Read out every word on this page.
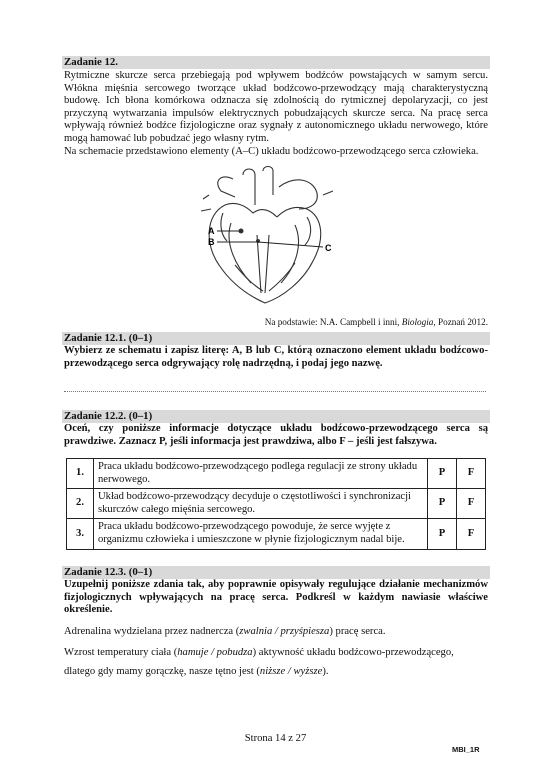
Zadanie 12.
Rytmiczne skurcze serca przebiegają pod wpływem bodźców powstających w samym sercu. Włókna mięśnia sercowego tworzące układ bodźcowo-przewodzący mają charakterystyczną budowę. Ich błona komórkowa odznacza się zdolnością do rytmicznej depolaryzacji, co jest przyczyną wytwarzania impulsów elektrycznych pobudzających skurcze serca. Na pracę serca wpływają również bodźce fizjologiczne oraz sygnały z autonomicznego układu nerwowego, które mogą hamować lub pobudzać jego własny rytm.
Na schemacie przedstawiono elementy (A–C) układu bodźcowo-przewodzącego serca człowieka.
A
B
C
Na podstawie: N.A. Campbell i inni, Biologia, Poznań 2012.
Zadanie 12.1. (0–1)
Wybierz ze schematu i zapisz literę: A, B lub C, którą oznaczono element układu bodźcowo-przewodzącego serca odgrywający rolę nadrzędną, i podaj jego nazwę.
Zadanie 12.2. (0–1)
Oceń, czy poniższe informacje dotyczące układu bodźcowo-przewodzącego serca są prawdziwe. Zaznacz P, jeśli informacja jest prawdziwa, albo F – jeśli jest fałszywa.
1.	Praca układu bodźcowo-przewodzącego podlega regulacji ze strony układu nerwowego.	P	F
2.	Układ bodźcowo-przewodzący decyduje o częstotliwości i synchronizacji skurczów całego mięśnia sercowego.	P	F
3.	Praca układu bodźcowo-przewodzącego powoduje, że serce wyjęte z organizmu człowieka i umieszczone w płynie fizjologicznym nadal bije.	P	F
Zadanie 12.3. (0–1)
Uzupełnij poniższe zdania tak, aby poprawnie opisywały regulujące działanie mechanizmów fizjologicznych wpływających na pracę serca. Podkreśl w każdym nawiasie właściwe określenie.
Adrenalina wydzielana przez nadnercza (zwalnia / przyśpiesza) pracę serca.
Wzrost temperatury ciała (hamuje / pobudza) aktywność układu bodźcowo-przewodzącego,
dlatego gdy mamy gorączkę, nasze tętno jest (niższe / wyższe).
Strona 14 z 27
MBI_1R
